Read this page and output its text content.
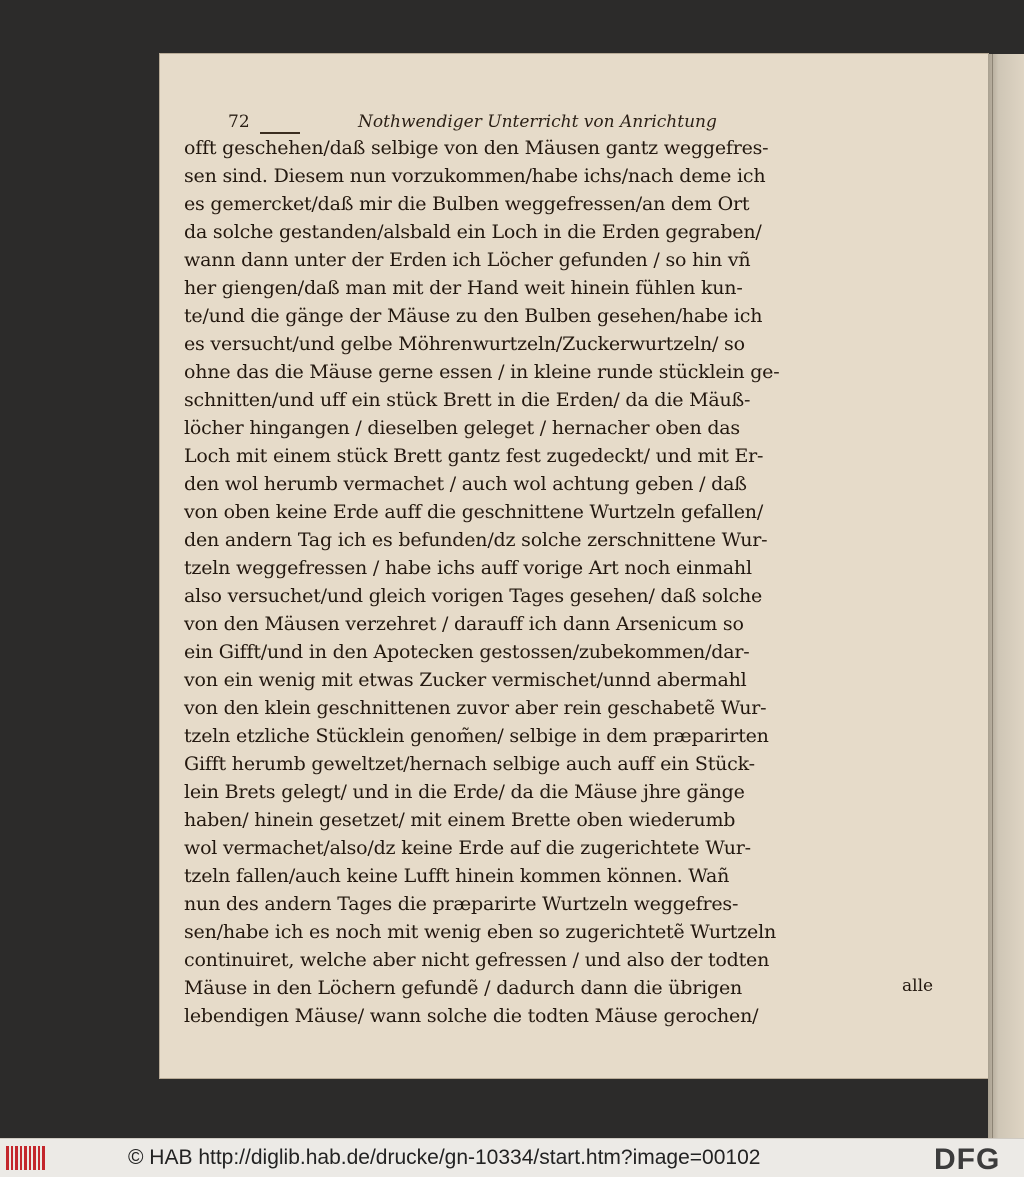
72	Nothwendiger Unterricht von Anrichtung
offt geschehen/daß selbige von den Mäusen gantz weggefres-
sen sind. Diesem nun vorzukommen/habe ichs/nach deme ich
es gemercket/daß mir die Bulben weggefressen/an dem Ort
da solche gestanden/alsbald ein Loch in die Erden gegraben/
wann dann unter der Erden ich Löcher gefunden / so hin vñ
her giengen/daß man mit der Hand weit hinein fühlen kun-
te/und die gänge der Mäuse zu den Bulben gesehen/habe ich
es versucht/und gelbe Möhrenwurtzeln/Zuckerwurtzeln/ so
ohne das die Mäuse gerne essen / in kleine runde stücklein ge-
schnitten/und uff ein stück Brett in die Erden/ da die Mäuß-
löcher hingangen / dieselben geleget / hernacher oben das
Loch mit einem stück Brett gantz fest zugedeckt/ und mit Er-
den wol herumb vermachet / auch wol achtung geben / daß
von oben keine Erde auff die geschnittene Wurtzeln gefallen/
den andern Tag ich es befunden/dz solche zerschnittene Wur-
tzeln weggefressen / habe ichs auff vorige Art noch einmahl
also versuchet/und gleich vorigen Tages gesehen/ daß solche
von den Mäusen verzehret / darauff ich dann Arsenicum so
ein Gifft/und in den Apotecken gestossen/zubekommen/dar-
von ein wenig mit etwas Zucker vermischet/unnd abermahl
von den klein geschnittenen zuvor aber rein geschabetẽ Wur-
tzeln etzliche Stücklein genom̃en/ selbige in dem præparirten
Gifft herumb geweltzet/hernach selbige auch auff ein Stück-
lein Brets gelegt/ und in die Erde/ da die Mäuse jhre gänge
haben/ hinein gesetzet/ mit einem Brette oben wiederumb
wol vermachet/also/dz keine Erde auf die zugerichtete Wur-
tzeln fallen/auch keine Lufft hinein kommen können. Wañ
nun des andern Tages die præparirte Wurtzeln weggefres-
sen/habe ich es noch mit wenig eben so zugerichtetẽ Wurtzeln
continuiret, welche aber nicht gefressen / und also der todten
Mäuse in den Löchern gefundẽ / dadurch dann die übrigen
lebendigen Mäuse/ wann solche die todten Mäuse gerochen/
alle
© HAB http://diglib.hab.de/drucke/gn-10334/start.htm?image=00102	DFG
